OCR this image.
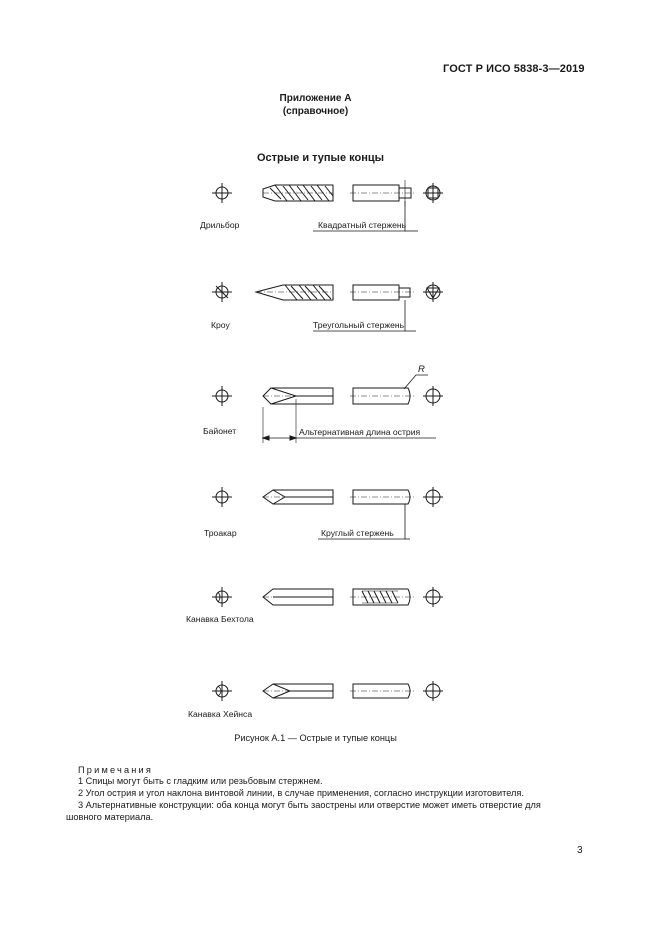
ГОСТ Р ИСО 5838-3—2019
Приложение А
(справочное)
Острые и тупые концы
Дрильбор	Квадратный стержень
Кроу	Треугольный стержень
R
Байонет	Альтернативная длина острия
Троакар	Круглый стержень
Канавка Бехтола
Канавка Хейнса
Рисунок А.1 — Острые и тупые концы
Примечания
1 Спицы могут быть с гладким или резьбовым стержнем.
2 Угол острия и угол наклона винтовой линии, в случае применения, согласно инструкции изготовителя.
3 Альтернативные конструкции: оба конца могут быть заострены или отверстие может иметь отверстие для
шовного материала.
3
